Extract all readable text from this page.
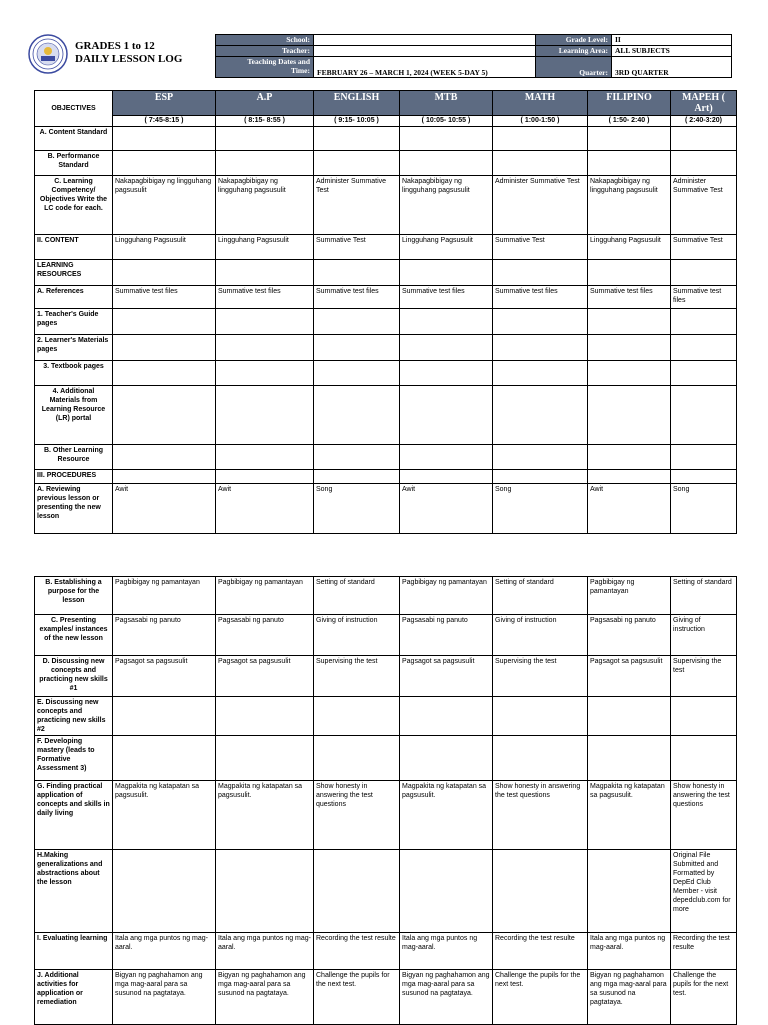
GRADES 1 to 12
DAILY LESSON LOG
School:		Grade Level:	II
Teacher:		Learning Area:	ALL SUBJECTS

Teaching Dates and
Time:	FEBRUARY 26 – MARCH 1, 2024 (WEEK 5-DAY 5)	Quarter:	3RD QUARTER
OBJECTIVES	ESP	A.P	ENGLISH	MTB	MATH	FILIPINO	MAPEH ( Art)
	( 7:45-8:15 )	( 8:15- 8:55 )	( 9:15- 10:05 )	( 10:05- 10:55 )	( 1:00-1:50 )	( 1:50- 2:40 )	( 2:40-3:20)
A. Content Standard							
B. Performance Standard							
C. Learning Competency/ Objectives Write the LC code for each.	Nakapagbibigay ng lingguhang pagsusulit	Nakapagbibigay ng lingguhang pagsusulit	Administer Summative Test	Nakapagbibigay ng lingguhang pagsusulit	Administer Summative Test	Nakapagbibigay ng lingguhang pagsusulit	Administer Summative Test
II. CONTENT	Lingguhang Pagsusulit	Lingguhang Pagsusulit	Summative Test	Lingguhang Pagsusulit	Summative Test	Lingguhang Pagsusulit	Summative Test
LEARNING RESOURCES							
A. References	Summative test files	Summative test files	Summative test files	Summative test files	Summative test files	Summative test files	Summative test files
1. Teacher's Guide pages							
2. Learner's Materials pages							
3. Textbook pages							
4. Additional Materials from Learning Resource (LR) portal							
B. Other Learning Resource							
III. PROCEDURES							
A. Reviewing previous lesson or presenting the new lesson	Awit	Awit	Song	Awit	Song	Awit	Song
B. Establishing a purpose for the lesson	Pagbibigay ng pamantayan	Pagbibigay ng pamantayan	Setting of standard	Pagbibigay ng pamantayan	Setting of standard	Pagbibigay ng pamantayan	Setting of standard
C. Presenting examples/ instances of the new lesson	Pagsasabi ng panuto	Pagsasabi ng panuto	Giving of instruction	Pagsasabi ng panuto	Giving of instruction	Pagsasabi ng panuto	Giving of instruction
D. Discussing new concepts and practicing new skills #1	Pagsagot sa pagsusulit	Pagsagot sa pagsusulit	Supervising the test	Pagsagot sa pagsusulit	Supervising the test	Pagsagot sa pagsusulit	Supervising the test
E. Discussing new concepts and practicing new skills #2							
F. Developing mastery (leads to Formative Assessment 3)							
G. Finding practical application of concepts and skills in daily living	Magpakita ng katapatan sa pagsusulit.	Magpakita ng katapatan sa pagsusulit.	Show honesty in answering the test questions	Magpakita ng katapatan sa pagsusulit.	Show honesty in answering the test questions	Magpakita ng katapatan sa pagsusulit.	Show honesty in answering the test questions
H.Making generalizations and abstractions about the lesson							Original File Submitted and Formatted by DepEd Club Member - visit depedclub.com for more
I. Evaluating learning	Itala ang mga puntos ng mag-aaral.	Itala ang mga puntos ng mag-aaral.	Recording the test resulte	Itala ang mga puntos ng mag-aaral.	Recording the test resulte	Itala ang mga puntos ng mag-aaral.	Recording the test resulte
J. Additional activities for application or remediation	Bigyan ng paghahamon ang mga mag-aaral para sa susunod na pagtataya.	Bigyan ng paghahamon ang mga mag-aaral para sa susunod na pagtataya.	Challenge the pupils for the next test.	Bigyan ng paghahamon ang mga mag-aaral para sa susunod na pagtataya.	Challenge the pupils for the next test.	Bigyan ng paghahamon ang mga mag-aaral para sa susunod na pagtataya.	Challenge the pupils for the next test.
